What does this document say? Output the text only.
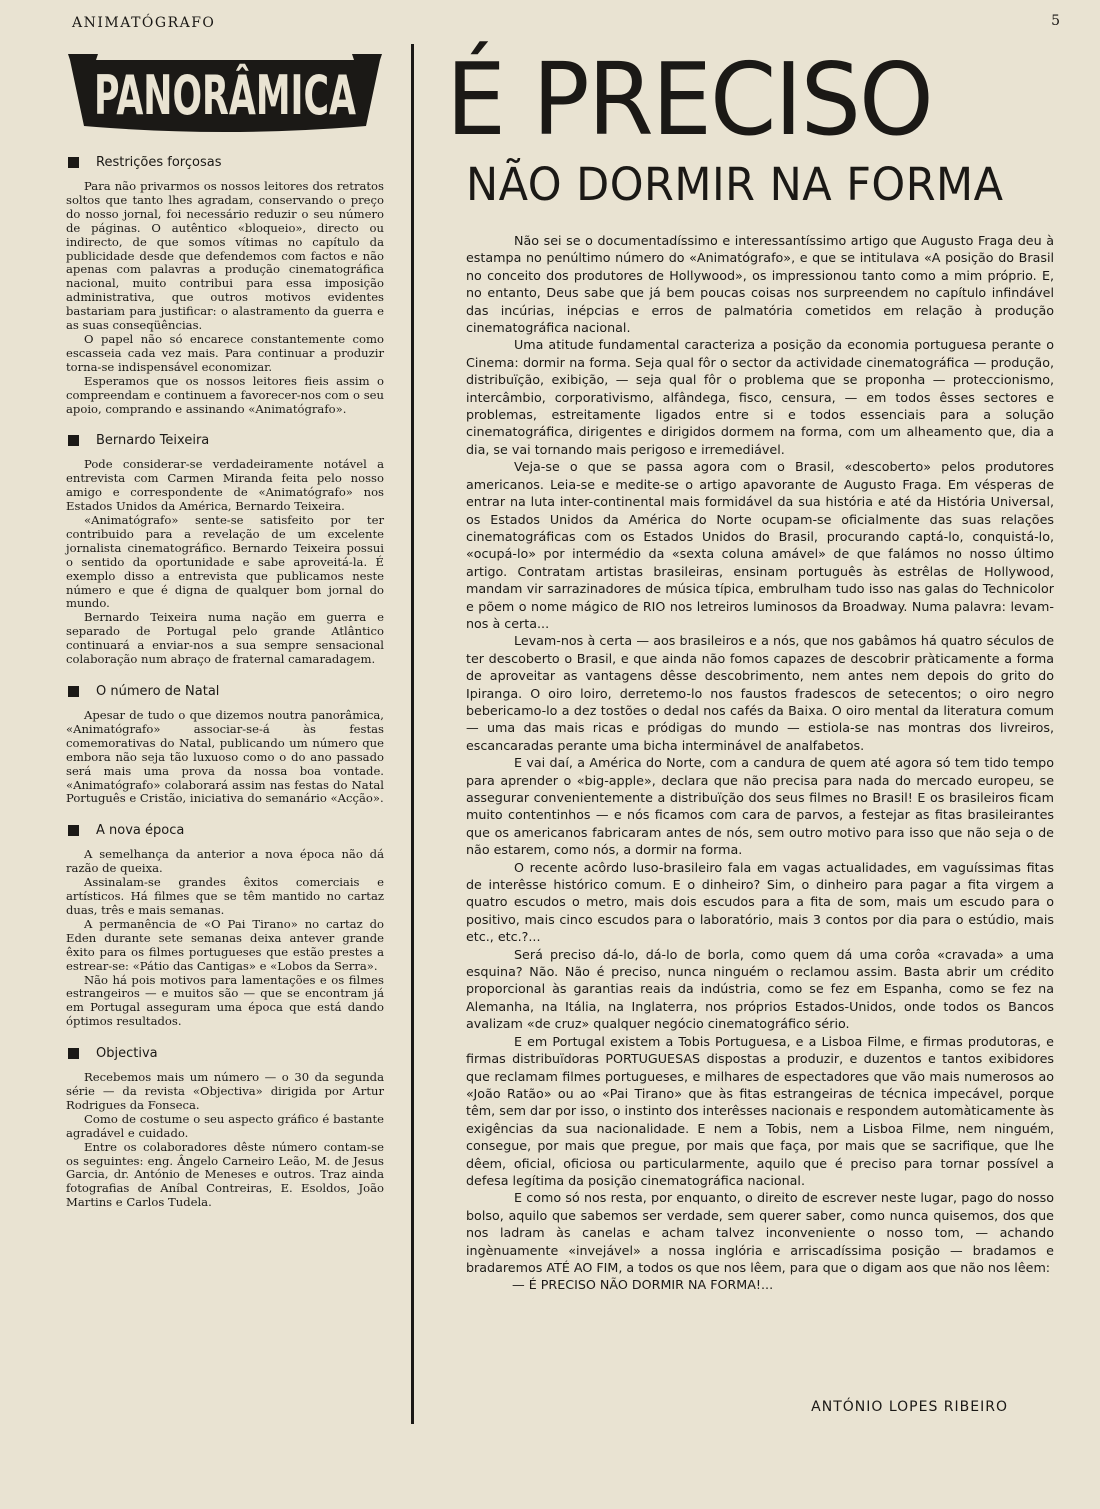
ANIMATÓGRAFO	5
PANORÂMICA
Restrições forçosas

Para não privarmos os nossos leitores dos retratos soltos que tanto lhes agradam, conservando o preço do nosso jornal, foi necessário reduzir o seu número de páginas. O autêntico «bloqueio», directo ou indirecto, de que somos vítimas no capítulo da publicidade desde que defendemos com factos e não apenas com palavras a produção cinematográfica nacional, muito contribui para essa imposição administrativa, que outros motivos evidentes bastariam para justificar: o alastramento da guerra e as suas conseqüências.

O papel não só encarece constantemente como escasseia cada vez mais. Para continuar a produzir torna-se indispensável economizar.

Esperamos que os nossos leitores fieis assim o compreendam e continuem a favorecer-nos com o seu apoio, comprando e assinando «Animatógrafo».

Bernardo Teixeira

Pode considerar-se verdadeiramente notável a entrevista com Carmen Miranda feita pelo nosso amigo e correspondente de «Animatógrafo» nos Estados Unidos da América, Bernardo Teixeira.

«Animatógrafo» sente-se satisfeito por ter contribuido para a revelação de um excelente jornalista cinematográfico. Bernardo Teixeira possui o sentido da oportunidade e sabe aproveitá-la. É exemplo disso a entrevista que publicamos neste número e que é digna de qualquer bom jornal do mundo.

Bernardo Teixeira numa nação em guerra e separado de Portugal pelo grande Atlântico continuará a enviar-nos a sua sempre sensacional colaboração num abraço de fraternal camaradagem.

O número de Natal

Apesar de tudo o que dizemos noutra panorâmica, «Animatógrafo» associar-se-á às festas comemorativas do Natal, publicando um número que embora não seja tão luxuoso como o do ano passado será mais uma prova da nossa boa vontade. «Animatógrafo» colaborará assim nas festas do Natal Português e Cristão, iniciativa do semanário «Acção».

A nova época

A semelhança da anterior a nova época não dá razão de queixa.

Assinalam-se grandes êxitos comerciais e artísticos. Há filmes que se têm mantido no cartaz duas, três e mais semanas.

A permanência de «O Pai Tirano» no cartaz do Eden durante sete semanas deixa antever grande êxito para os filmes portugueses que estão prestes a estrear-se: «Pátio das Cantigas» e «Lobos da Serra».

Não há pois motivos para lamentações e os filmes estrangeiros — e muitos são — que se encontram já em Portugal asseguram uma época que está dando óptimos resultados.

Objectiva

Recebemos mais um número — o 30 da segunda série — da revista «Objectiva» dirigida por Artur Rodrigues da Fonseca.

Como de costume o seu aspecto gráfico é bastante agradável e cuidado.

Entre os colaboradores dêste número contam-se os seguintes: eng. Ângelo Carneiro Leão, M. de Jesus Garcia, dr. António de Meneses e outros. Traz ainda fotografias de Aníbal Contreiras, E. Esoldos, João Martins e Carlos Tudela.

É PRECISO
NÃO DORMIR NA FORMA

Não sei se o documentadíssimo e interessantíssimo artigo que Augusto Fraga deu à estampa no penúltimo número do «Animatógrafo», e que se intitulava «A posição do Brasil no conceito dos produtores de Hollywood», os impressionou tanto como a mim próprio. E, no entanto, Deus sabe que já bem poucas coisas nos surpreendem no capítulo infindável das incúrias, inépcias e erros de palmatória cometidos em relação à produção cinematográfica nacional.

Uma atitude fundamental caracteriza a posição da economia portuguesa perante o Cinema: dormir na forma. Seja qual fôr o sector da actividade cinematográfica — produção, distribuïção, exibição, — seja qual fôr o problema que se proponha — proteccionismo, intercâmbio, corporativismo, alfândega, fisco, censura, — em todos êsses sectores e problemas, estreitamente ligados entre si e todos essenciais para a solução cinematográfica, dirigentes e dirigidos dormem na forma, com um alheamento que, dia a dia, se vai tornando mais perigoso e irremediável.

Veja-se o que se passa agora com o Brasil, «descoberto» pelos produtores americanos. Leia-se e medite-se o artigo apavorante de Augusto Fraga. Em vésperas de entrar na luta inter-continental mais formidável da sua história e até da História Universal, os Estados Unidos da América do Norte ocupam-se oficialmente das suas relações cinematográficas com os Estados Unidos do Brasil, procurando captá-lo, conquistá-lo, «ocupá-lo» por intermédio da «sexta coluna amável» de que falámos no nosso último artigo. Contratam artistas brasileiras, ensinam português às estrêlas de Hollywood, mandam vir sarrazinadores de música típica, embrulham tudo isso nas galas do Technicolor e põem o nome mágico de RIO nos letreiros luminosos da Broadway. Numa palavra: levam-nos à certa...

Levam-nos à certa — aos brasileiros e a nós, que nos gabâmos há quatro séculos de ter descoberto o Brasil, e que ainda não fomos capazes de descobrir pràticamente a forma de aproveitar as vantagens dêsse descobrimento, nem antes nem depois do grito do Ipiranga. O oiro loiro, derretemo-lo nos faustos fradescos de setecentos; o oiro negro bebericamo-lo a dez tostões o dedal nos cafés da Baixa. O oiro mental da literatura comum — uma das mais ricas e pródigas do mundo — estiola-se nas montras dos livreiros, escancaradas perante uma bicha interminável de analfabetos.

E vai daí, a América do Norte, com a candura de quem até agora só tem tido tempo para aprender o «big-apple», declara que não precisa para nada do mercado europeu, se assegurar convenientemente a distribuïção dos seus filmes no Brasil! E os brasileiros ficam muito contentinhos — e nós ficamos com cara de parvos, a festejar as fitas brasileirantes que os americanos fabricaram antes de nós, sem outro motivo para isso que não seja o de não estarem, como nós, a dormir na forma.

O recente acôrdo luso-brasileiro fala em vagas actualidades, em vaguíssimas fitas de interêsse histórico comum. E o dinheiro? Sim, o dinheiro para pagar a fita virgem a quatro escudos o metro, mais dois escudos para a fita de som, mais um escudo para o positivo, mais cinco escudos para o laboratório, mais 3 contos por dia para o estúdio, mais etc., etc.?...

Será preciso dá-lo, dá-lo de borla, como quem dá uma corôa «cravada» a uma esquina? Não. Não é preciso, nunca ninguém o reclamou assim. Basta abrir um crédito proporcional às garantias reais da indústria, como se fez em Espanha, como se fez na Alemanha, na Itália, na Inglaterra, nos próprios Estados-Unidos, onde todos os Bancos avalizam «de cruz» qualquer negócio cinematográfico sério.

E em Portugal existem a Tobis Portuguesa, e a Lisboa Filme, e firmas produtoras, e firmas distribuïdoras PORTUGUESAS dispostas a produzir, e duzentos e tantos exibidores que reclamam filmes portugueses, e milhares de espectadores que vão mais numerosos ao «João Ratão» ou ao «Pai Tirano» que às fitas estrangeiras de técnica impecável, porque têm, sem dar por isso, o instinto dos interêsses nacionais e respondem automàticamente às exigências da sua nacionalidade. E nem a Tobis, nem a Lisboa Filme, nem ninguém, consegue, por mais que pregue, por mais que faça, por mais que se sacrifique, que lhe dêem, oficial, oficiosa ou particularmente, aquilo que é preciso para tornar possível a defesa legítima da posição cinematográfica nacional.

E como só nos resta, por enquanto, o direito de escrever neste lugar, pago do nosso bolso, aquilo que sabemos ser verdade, sem querer saber, como nunca quisemos, dos que nos ladram às canelas e acham talvez inconveniente o nosso tom, — achando ingènuamente «invejável» a nossa inglória e arriscadíssima posição — bradamos e bradaremos ATÉ AO FIM, a todos os que nos lêem, para que o digam aos que não nos lêem:

— É PRECISO NÃO DORMIR NA FORMA!...

ANTÓNIO LOPES RIBEIRO
